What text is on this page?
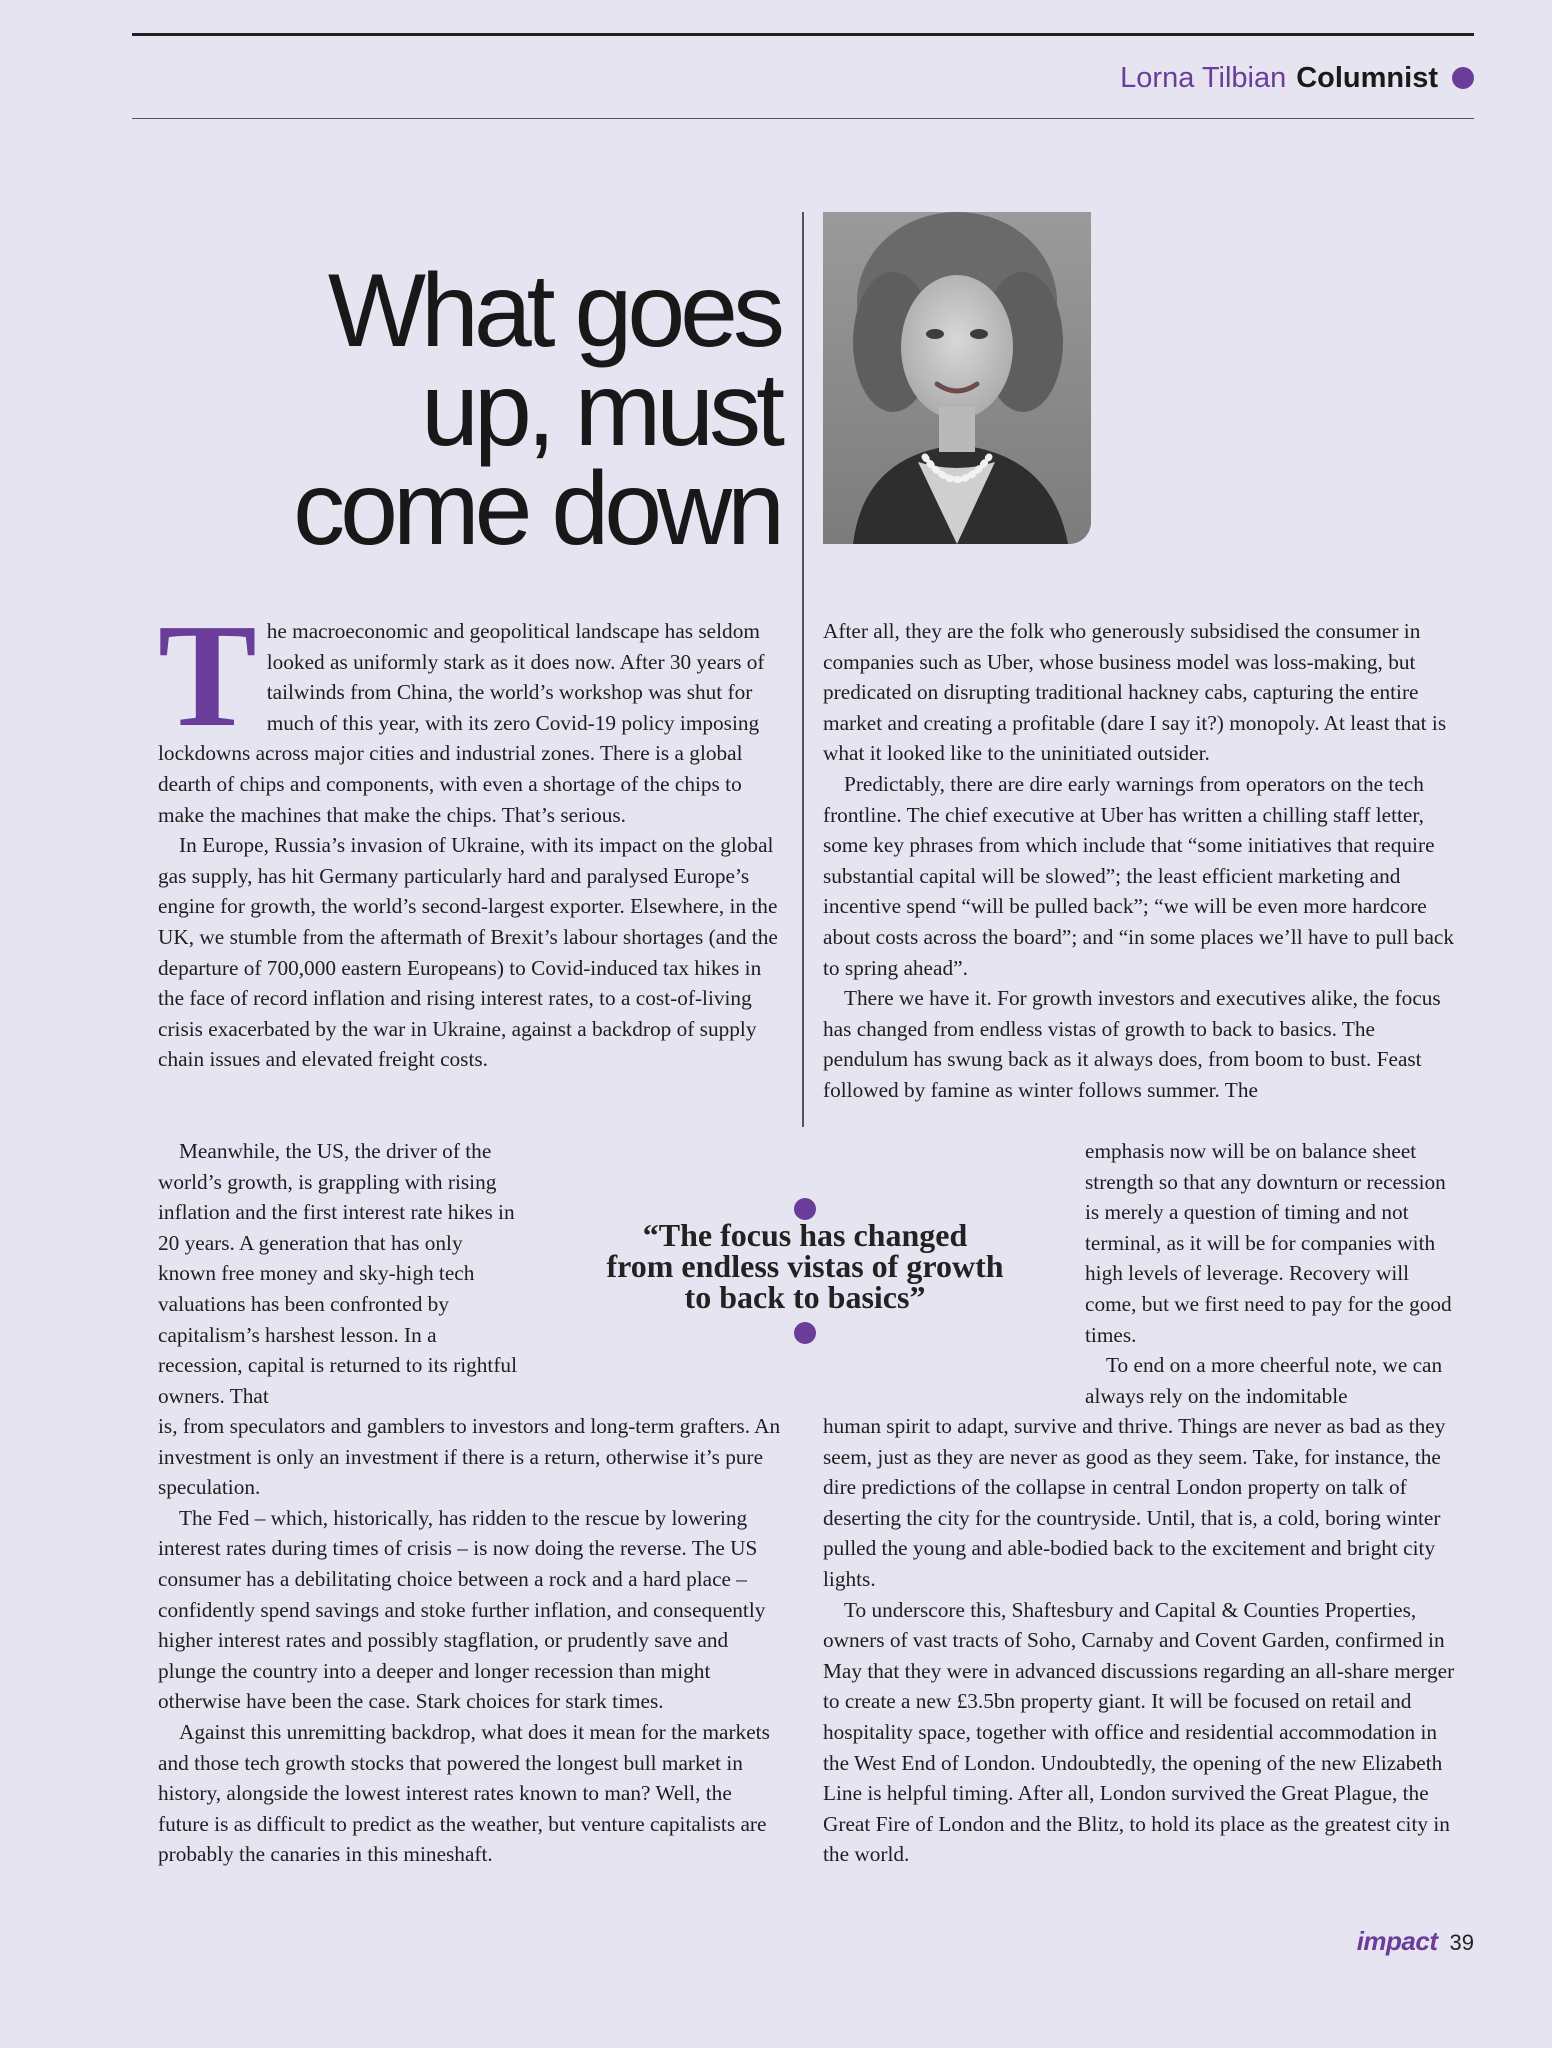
Lorna Tilbian Columnist
What goes
up, must
come down

The macroeconomic and geopolitical landscape has seldom looked as uniformly stark as it does now. After 30 years of tailwinds from China, the world’s workshop was shut for much of this year, with its zero Covid-19 policy imposing lockdowns across major cities and industrial zones. There is a global dearth of chips and components, with even a shortage of the chips to make the machines that make the chips. That’s serious.

In Europe, Russia’s invasion of Ukraine, with its impact on the global gas supply, has hit Germany particularly hard and paralysed Europe’s engine for growth, the world’s second-largest exporter. Elsewhere, in the UK, we stumble from the aftermath of Brexit’s labour shortages (and the departure of 700,000 eastern Europeans) to Covid-induced tax hikes in the face of record inflation and rising interest rates, to a cost-of-living crisis exacerbated by the war in Ukraine, against a backdrop of supply chain issues and elevated freight costs.

Meanwhile, the US, the driver of the world’s growth, is grappling with rising inflation and the first interest rate hikes in 20 years. A generation that has only known free money and sky-high tech valuations has been confronted by capitalism’s harshest lesson. In a recession, capital is returned to its rightful owners. That

is, from speculators and gamblers to investors and long-term grafters. An investment is only an investment if there is a return, otherwise it’s pure speculation.

The Fed – which, historically, has ridden to the rescue by lowering interest rates during times of crisis – is now doing the reverse. The US consumer has a debilitating choice between a rock and a hard place – confidently spend savings and stoke further inflation, and consequently higher interest rates and possibly stagflation, or prudently save and plunge the country into a deeper and longer recession than might otherwise have been the case. Stark choices for stark times.

Against this unremitting backdrop, what does it mean for the markets and those tech growth stocks that powered the longest bull market in history, alongside the lowest interest rates known to man? Well, the future is as difficult to predict as the weather, but venture capitalists are probably the canaries in this mineshaft.

After all, they are the folk who generously subsidised the consumer in companies such as Uber, whose business model was loss-making, but predicated on disrupting traditional hackney cabs, capturing the entire market and creating a profitable (dare I say it?) monopoly. At least that is what it looked like to the uninitiated outsider.

Predictably, there are dire early warnings from operators on the tech frontline. The chief executive at Uber has written a chilling staff letter, some key phrases from which include that “some initiatives that require substantial capital will be slowed”; the least efficient marketing and incentive spend “will be pulled back”; “we will be even more hardcore about costs across the board”; and “in some places we’ll have to pull back to spring ahead”.

There we have it. For growth investors and executives alike, the focus has changed from endless vistas of growth to back to basics. The pendulum has swung back as it always does, from boom to bust. Feast followed by famine as winter follows summer. The

emphasis now will be on balance sheet strength so that any downturn or recession is merely a question of timing and not terminal, as it will be for companies with high levels of leverage. Recovery will come, but we first need to pay for the good times.

To end on a more cheerful note, we can always rely on the indomitable

human spirit to adapt, survive and thrive. Things are never as bad as they seem, just as they are never as good as they seem. Take, for instance, the dire predictions of the collapse in central London property on talk of deserting the city for the countryside. Until, that is, a cold, boring winter pulled the young and able-bodied back to the excitement and bright city lights.

To underscore this, Shaftesbury and Capital & Counties Properties, owners of vast tracts of Soho, Carnaby and Covent Garden, confirmed in May that they were in advanced discussions regarding an all-share merger to create a new £3.5bn property giant. It will be focused on retail and hospitality space, together with office and residential accommodation in the West End of London. Undoubtedly, the opening of the new Elizabeth Line is helpful timing. After all, London survived the Great Plague, the Great Fire of London and the Blitz, to hold its place as the greatest city in the world.

“The focus has changed
from endless vistas of growth
to back to basics”
impact 39
